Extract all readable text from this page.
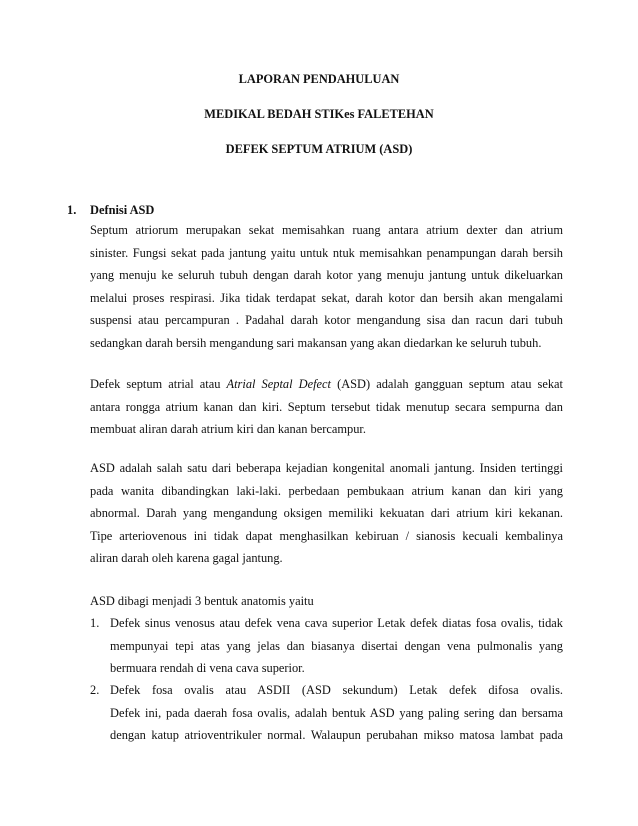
LAPORAN PENDAHULUAN
MEDIKAL BEDAH STIKes FALETEHAN
DEFEK SEPTUM ATRIUM (ASD)
1. Defnisi ASD
Septum atriorum merupakan sekat memisahkan ruang antara atrium dexter dan atrium
sinister. Fungsi sekat pada jantung yaitu untuk ntuk memisahkan penampungan darah bersih
yang menuju ke seluruh tubuh dengan darah kotor yang menuju jantung untuk dikeluarkan
melalui proses respirasi. Jika tidak terdapat sekat, darah kotor dan bersih akan mengalami
suspensi atau percampuran . Padahal darah kotor mengandung sisa dan racun dari tubuh
sedangkan darah bersih mengandung sari makansan yang akan diedarkan ke seluruh tubuh.
Defek septum atrial atau Atrial Septal Defect (ASD) adalah gangguan septum atau sekat
antara rongga atrium kanan dan kiri. Septum tersebut tidak menutup secara sempurna dan
membuat aliran darah atrium kiri dan kanan bercampur.
ASD adalah salah satu dari beberapa kejadian kongenital anomali jantung. Insiden tertinggi
pada wanita dibandingkan laki-laki. perbedaan pembukaan atrium kanan dan kiri yang
abnormal. Darah yang mengandung oksigen memiliki kekuatan dari atrium kiri kekanan.
Tipe arteriovenous ini tidak dapat menghasilkan kebiruan / sianosis kecuali kembalinya
aliran darah oleh karena gagal jantung.
ASD dibagi menjadi 3 bentuk anatomis yaitu
1. Defek sinus venosus atau defek vena cava superior Letak defek diatas fosa ovalis, tidak
mempunyai tepi atas yang jelas dan biasanya disertai dengan vena pulmonalis yang
bermuara rendah di vena cava superior.
2. Defek fosa ovalis atau ASDII (ASD sekundum) Letak defek difosa ovalis.
Defek ini, pada daerah fosa ovalis, adalah bentuk ASD yang paling sering dan bersama
dengan katup atrioventrikuler normal. Walaupun perubahan mikso matosa lambat pada
